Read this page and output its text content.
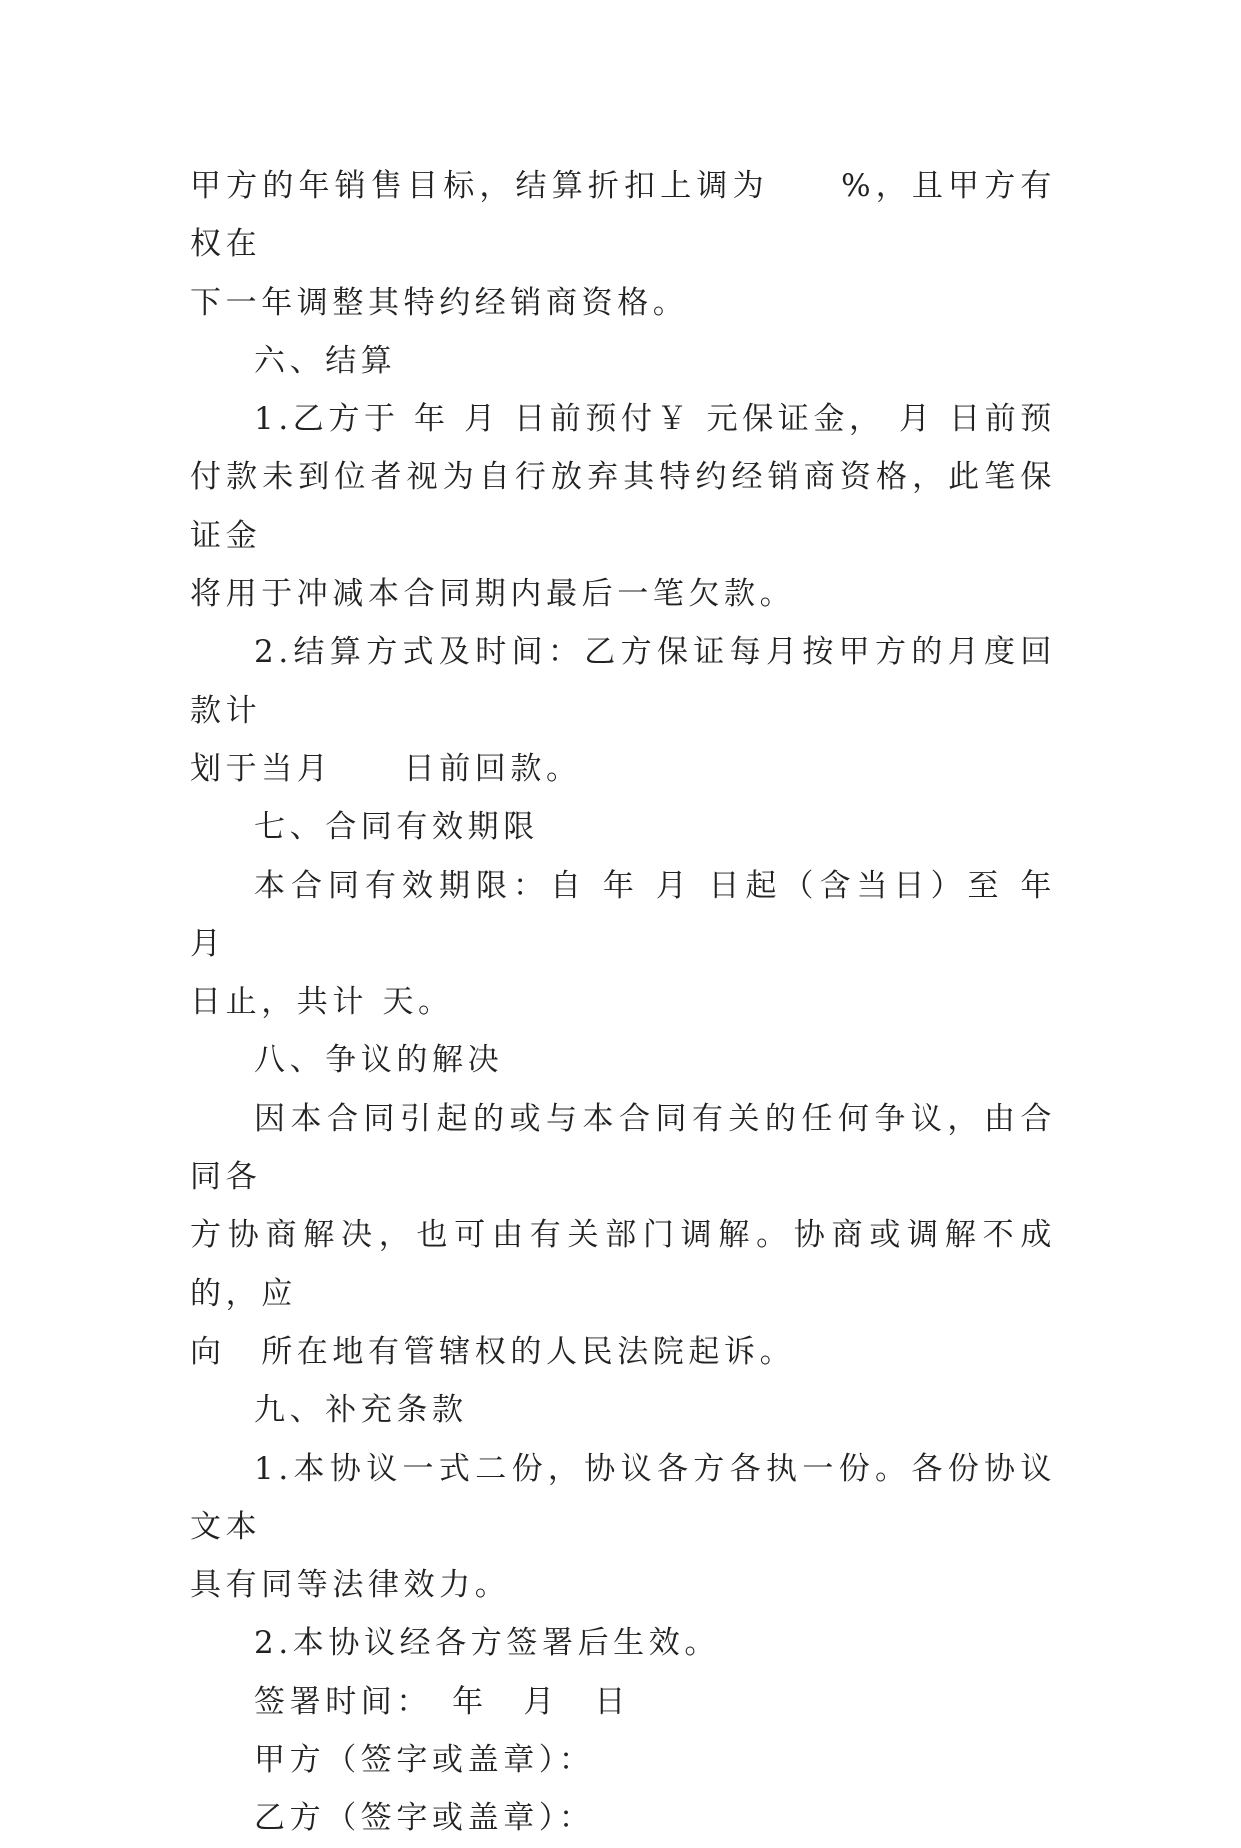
甲方的年销售目标，结算折扣上调为　　%，且甲方有权在
下一年调整其特约经销商资格。

六、结算

1.乙方于 年 月 日前预付￥ 元保证金， 月 日前预
付款未到位者视为自行放弃其特约经销商资格，此笔保证金
将用于冲减本合同期内最后一笔欠款。

2.结算方式及时间：乙方保证每月按甲方的月度回款计
划于当月　　日前回款。

七、合同有效期限

本合同有效期限：自 年 月 日起（含当日）至 年 月
日止，共计 天。

八、争议的解决

因本合同引起的或与本合同有关的任何争议，由合同各
方协商解决，也可由有关部门调解。协商或调解不成的，应
向　所在地有管辖权的人民法院起诉。

九、补充条款

1.本协议一式二份，协议各方各执一份。各份协议文本
具有同等法律效力。

2.本协议经各方签署后生效。

签署时间：　年　月　日

甲方（签字或盖章）：

乙方（签字或盖章）：
